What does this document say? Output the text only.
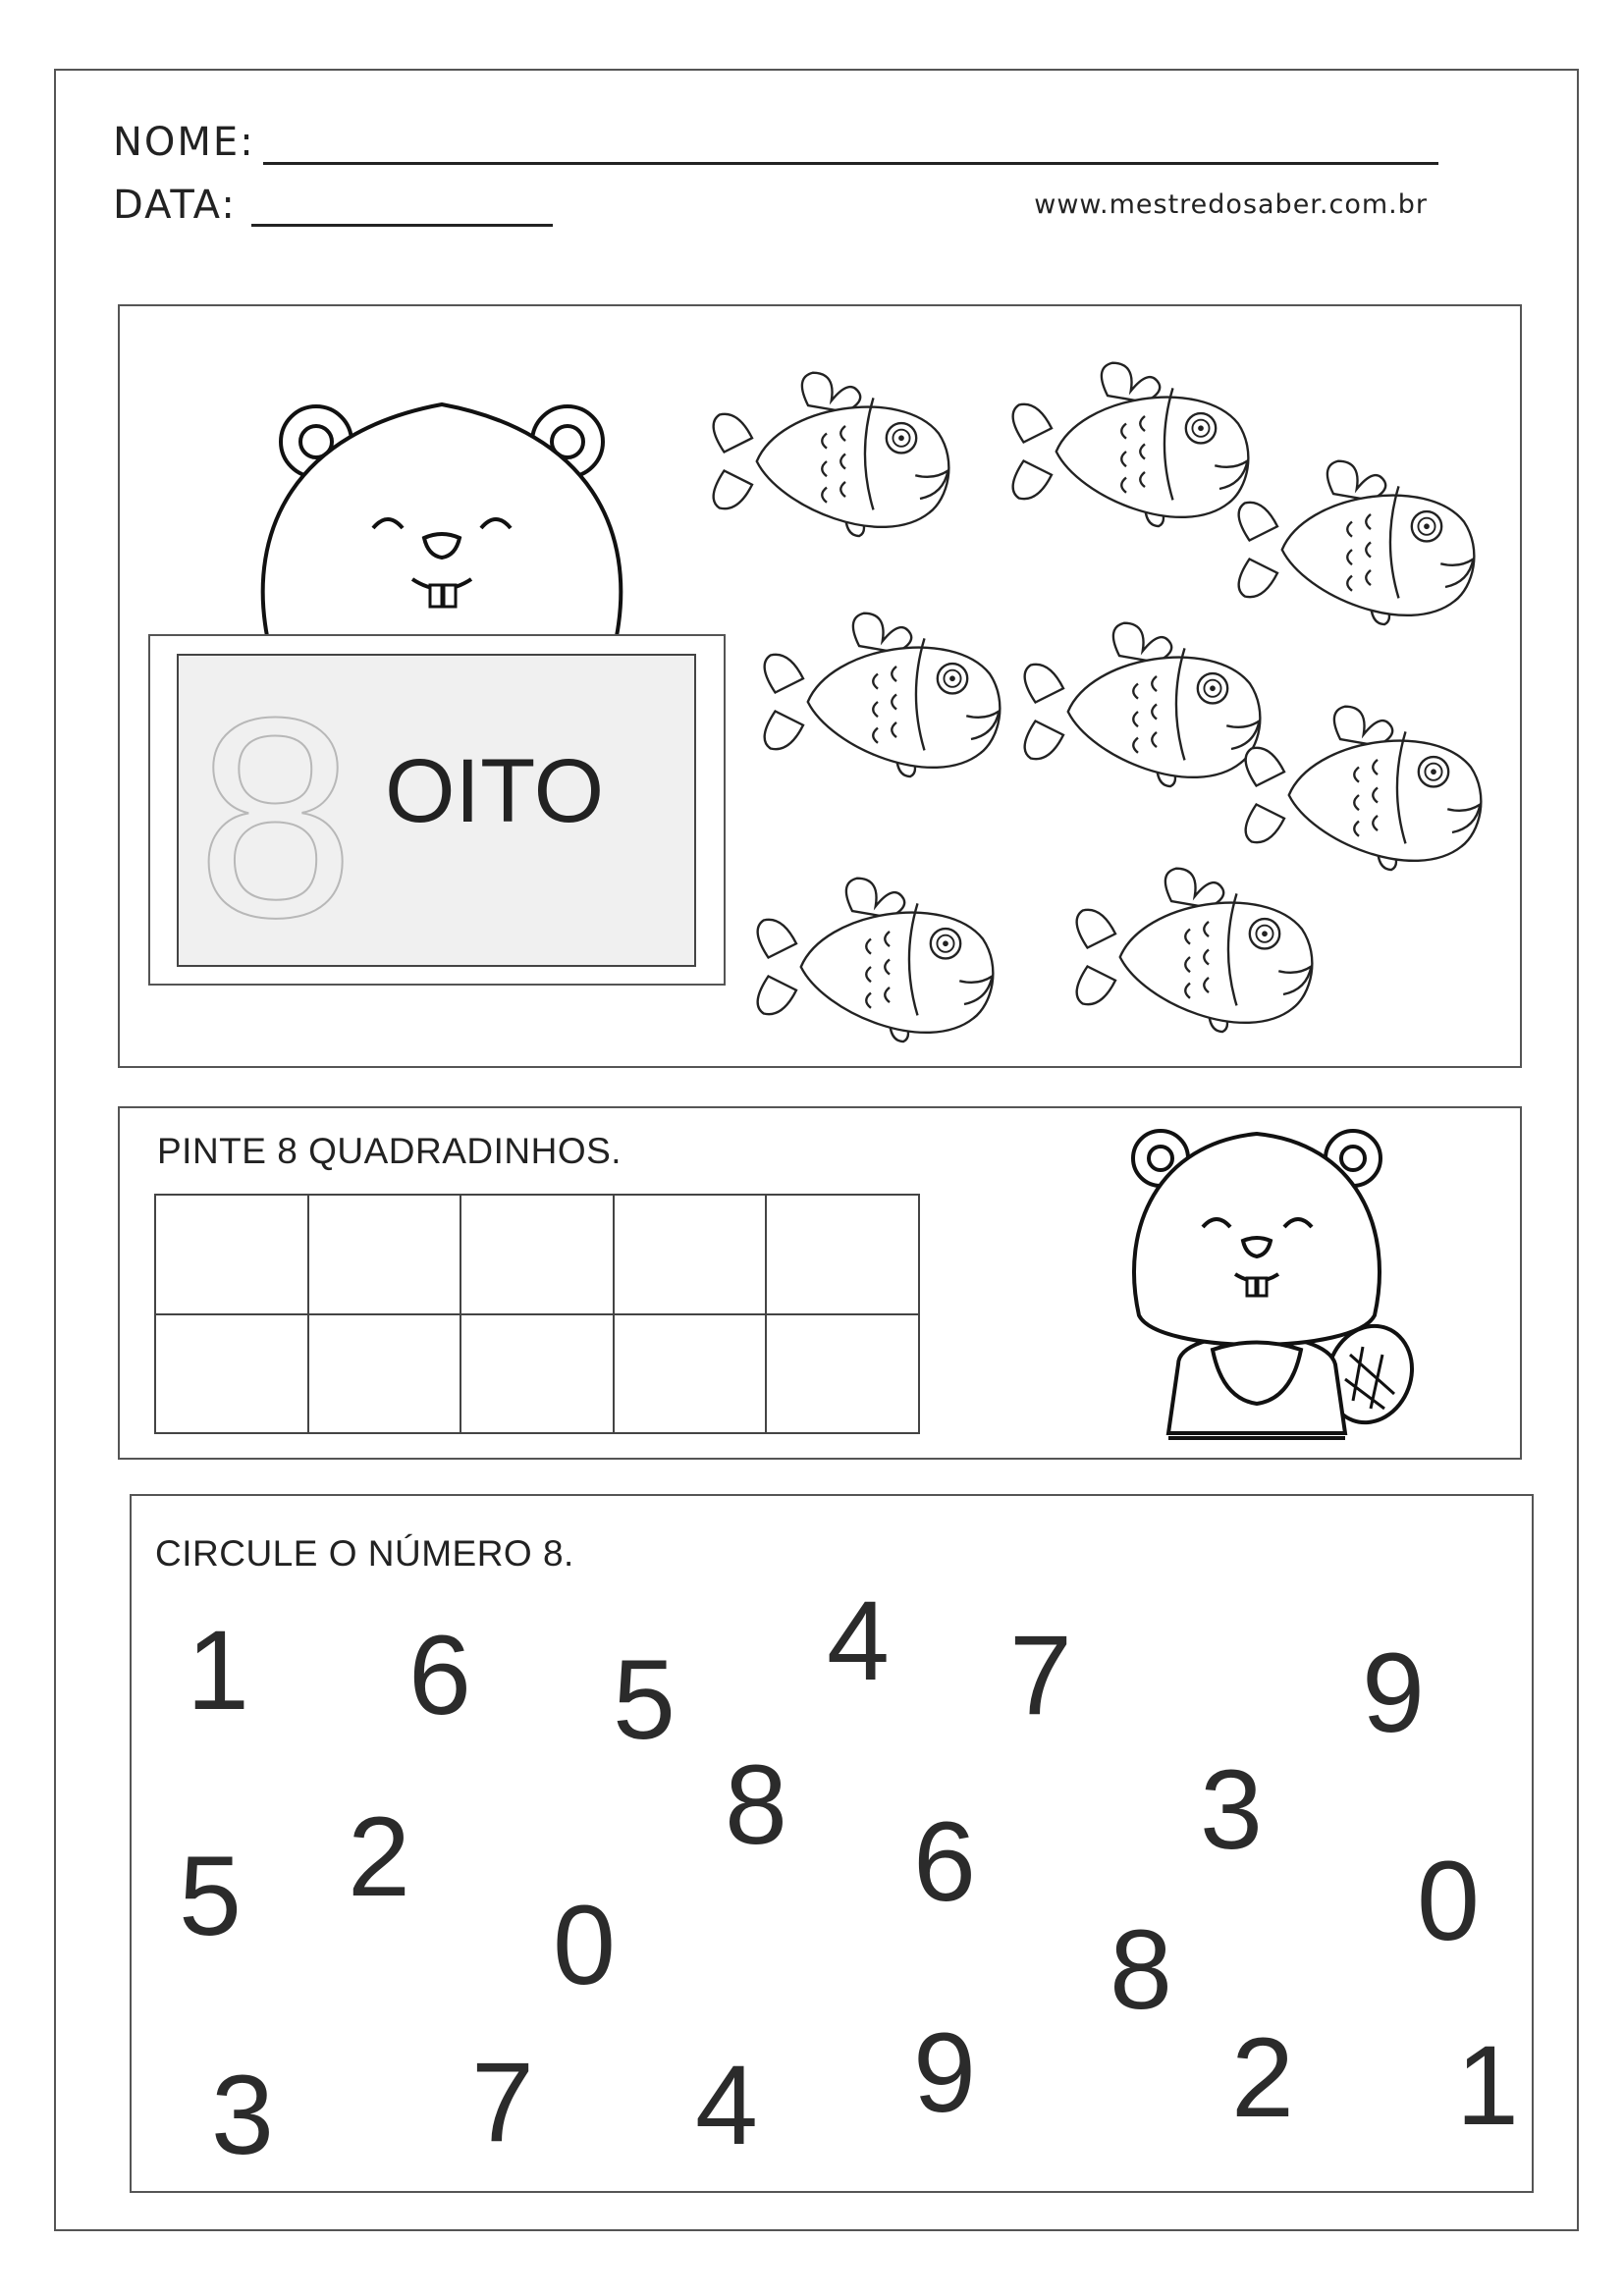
NOME:
DATA:	www.mestredosaber.com.br
8 OITO
PINTE 8 QUADRADINHOS.

CIRCULE O NÚMERO 8.
1 6 5 4 7	9
8	3
5 2	6
0	0
8
3 7 4 9 2 1
